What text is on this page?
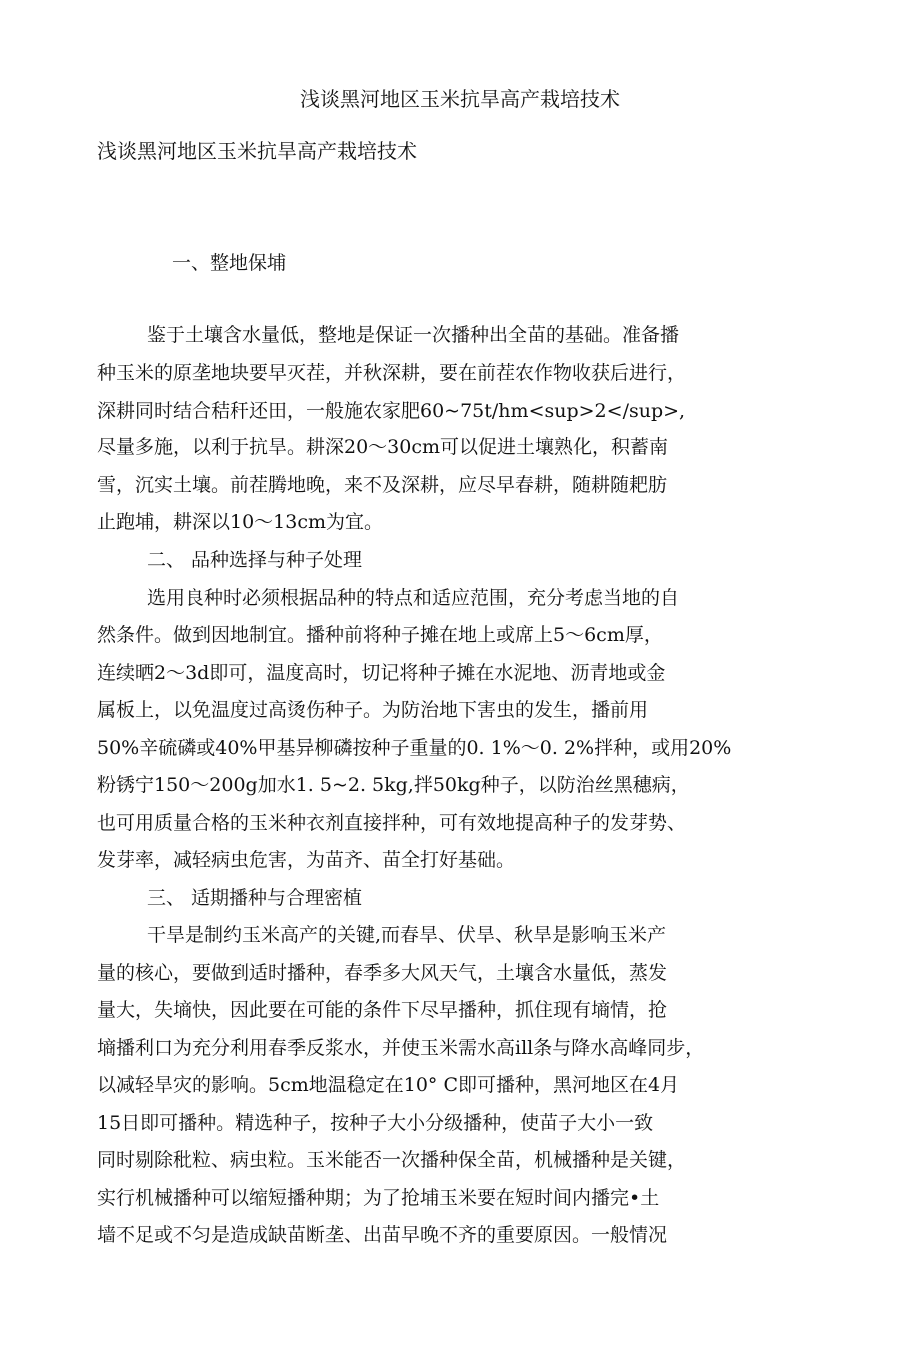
浅谈黑河地区玉米抗旱高产栽培技术
浅谈黑河地区玉米抗旱高产栽培技术
一、整地保埔
鉴于土壤含水量低，整地是保证一次播种出全苗的基础。准备播
种玉米的原垄地块要早灭茬，并秋深耕，要在前茬农作物收获后进行，
深耕同时结合秸秆还田，一般施农家肥60~75t/hm<sup>2</sup>,
尽量多施，以利于抗旱。耕深20～30cm可以促进土壤熟化，积蓄南
雪，沉实土壤。前茬腾地晚，来不及深耕，应尽早春耕，随耕随耙肪
止跑埔，耕深以10～13cm为宜。
二、 品种选择与种子处理
选用良种时必须根据品种的特点和适应范围，充分考虑当地的自
然条件。做到因地制宜。播种前将种子摊在地上或席上5～6cm厚，
连续晒2～3d即可，温度高时，切记将种子摊在水泥地、沥青地或金
属板上，以免温度过高烫伤种子。为防治地下害虫的发生，播前用
50%辛硫磷或40%甲基异柳磷按种子重量的0. 1%～0. 2%拌种，或用20%
粉锈宁150～200g加水1. 5~2. 5kg,拌50kg种子，以防治丝黑穗病，
也可用质量合格的玉米种衣剂直接拌种，可有效地提高种子的发芽势、
发芽率，减轻病虫危害，为苗齐、苗全打好基础。
三、 适期播种与合理密植
干旱是制约玉米高产的关键,而春旱、伏旱、秋旱是影响玉米产
量的核心，要做到适时播种，春季多大风天气，土壤含水量低，蒸发
量大，失墒快，因此要在可能的条件下尽早播种，抓住现有墒情，抢
墒播利口为充分利用春季反浆水，并使玉米需水高ill条与降水高峰同步，
以减轻旱灾的影响。5cm地温稳定在10° C即可播种，黑河地区在4月
15日即可播种。精选种子，按种子大小分级播种，使苗子大小一致
同时剔除秕粒、病虫粒。玉米能否一次播种保全苗，机械播种是关键，
实行机械播种可以缩短播种期；为了抢埔玉米要在短时间内播完•土
墙不足或不匀是造成缺苗断垄、出苗早晚不齐的重要原因。一般情况
